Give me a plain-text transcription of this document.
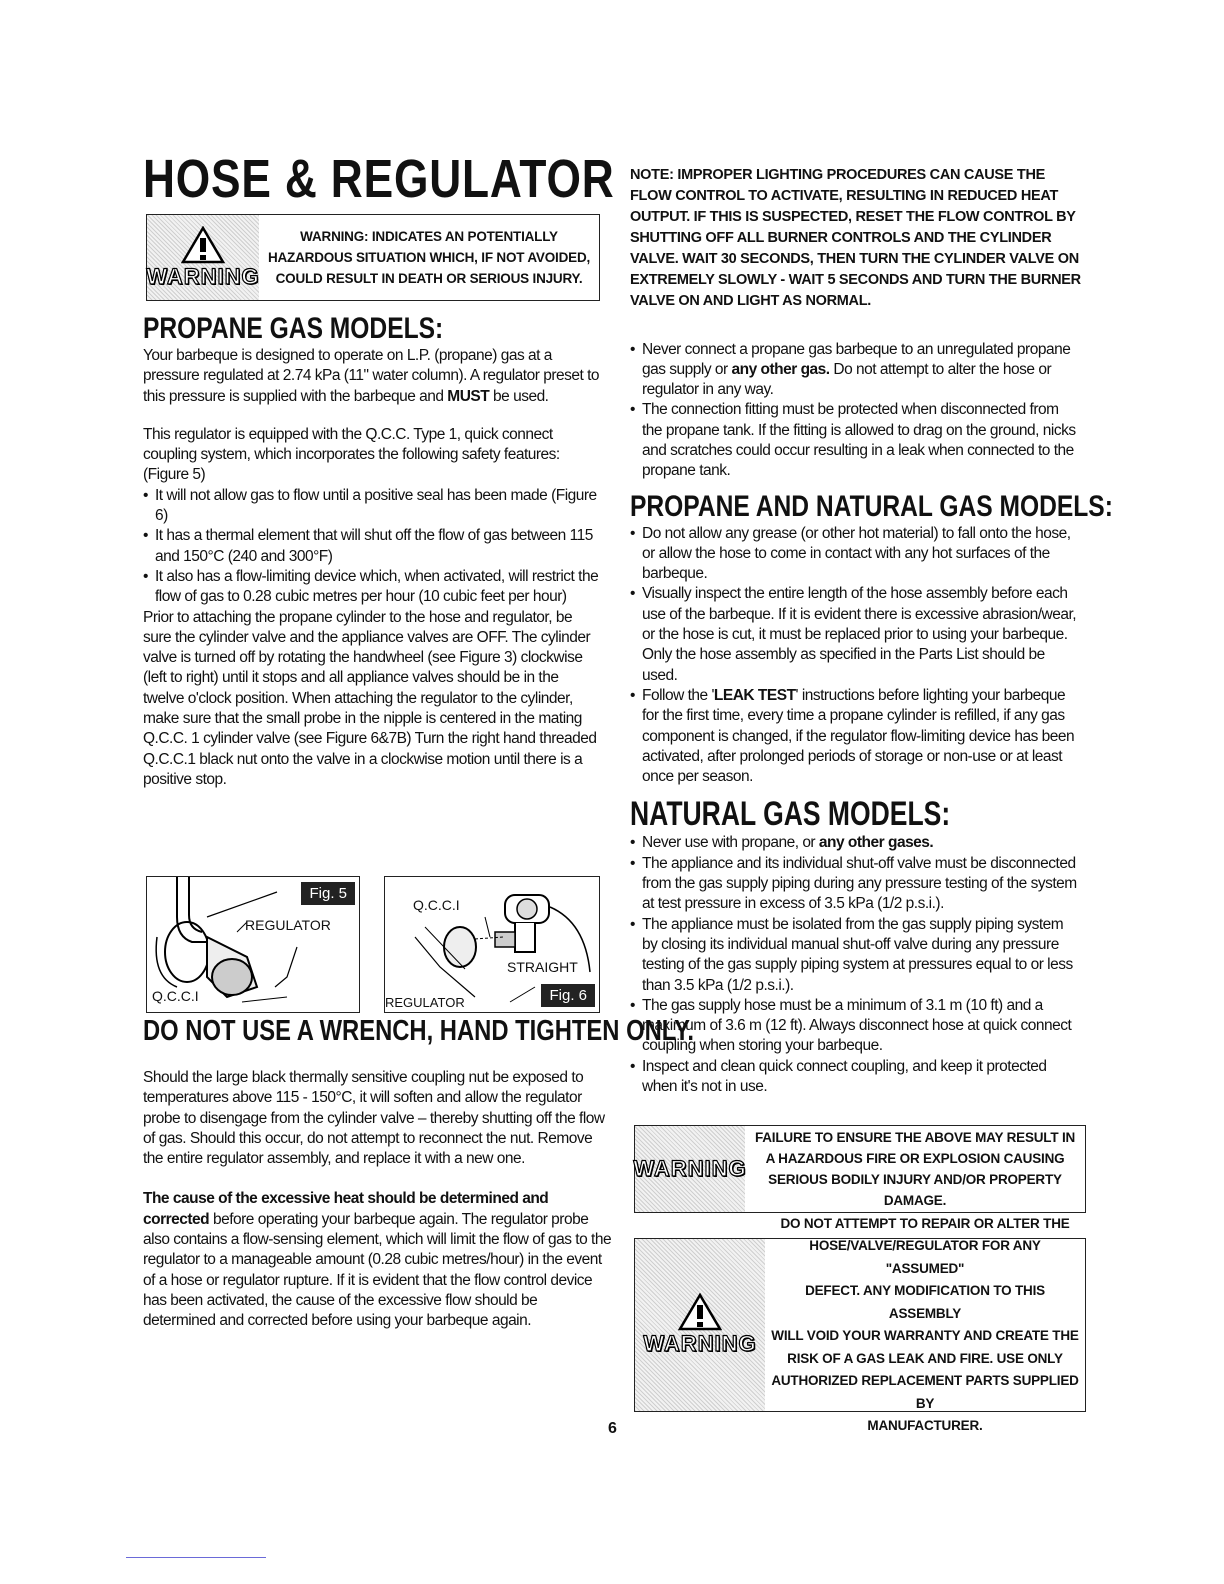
HOSE & REGULATOR
WARNING
WARNING: INDICATES AN POTENTIALLY
HAZARDOUS SITUATION WHICH, IF NOT AVOIDED,
COULD RESULT IN DEATH OR SERIOUS INJURY.
PROPANE GAS MODELS:

Your barbeque is designed to operate on L.P. (propane) gas at a pressure regulated at 2.74 kPa (11" water column). A regulator preset to this pressure is supplied with the barbeque and MUST be used.

This regulator is equipped with the Q.C.C. Type 1, quick connect coupling system, which incorporates the following safety features: (Figure 5)

• It will not allow gas to flow until a positive seal has been made (Figure 6)
• It has a thermal element that will shut off the flow of gas between 115 and 150°C (240 and 300°F)
• It also has a flow-limiting device which, when activated, will restrict the flow of gas to 0.28 cubic metres per hour (10 cubic feet per hour)

Prior to attaching the propane cylinder to the hose and regulator, be sure the cylinder valve and the appliance valves are OFF. The cylinder valve is turned off by rotating the handwheel (see Figure 3) clockwise (left to right) until it stops and all appliance valves should be in the twelve o'clock position. When attaching the regulator to the cylinder, make sure that the small probe in the nipple is centered in the mating Q.C.C. 1 cylinder valve (see Figure 6&7B) Turn the right hand threaded Q.C.C.1 black nut onto the valve in a clockwise motion until there is a positive stop.

Fig. 5
REGULATOR
Q.C.C.I
Q.C.C.I
STRAIGHT
REGULATOR	Fig. 6
DO NOT USE A WRENCH, HAND TIGHTEN ONLY.

Should the large black thermally sensitive coupling nut be exposed to temperatures above 115 - 150°C, it will soften and allow the regulator probe to disengage from the cylinder valve – thereby shutting off the flow of gas. Should this occur, do not attempt to reconnect the nut. Remove the entire regulator assembly, and replace it with a new one.

The cause of the excessive heat should be determined and corrected before operating your barbeque again. The regulator probe also contains a flow-sensing element, which will limit the flow of gas to the regulator to a manageable amount (0.28 cubic metres/hour) in the event of a hose or regulator rupture. If it is evident that the flow control device has been activated, the cause of the excessive flow should be determined and corrected before using your barbeque again.

NOTE: IMPROPER LIGHTING PROCEDURES CAN CAUSE THE FLOW CONTROL TO ACTIVATE, RESULTING IN REDUCED HEAT OUTPUT. IF THIS IS SUSPECTED, RESET THE FLOW CONTROL BY SHUTTING OFF ALL BURNER CONTROLS AND THE CYLINDER VALVE. WAIT 30 SECONDS, THEN TURN THE CYLINDER VALVE ON EXTREMELY SLOWLY - WAIT 5 SECONDS AND TURN THE BURNER VALVE ON AND LIGHT AS NORMAL.

• Never connect a propane gas barbeque to an unregulated propane gas supply or any other gas. Do not attempt to alter the hose or regulator in any way.
• The connection fitting must be protected when disconnected from the propane tank. If the fitting is allowed to drag on the ground, nicks and scratches could occur resulting in a leak when connected to the propane tank.
PROPANE AND NATURAL GAS MODELS:
• Do not allow any grease (or other hot material) to fall onto the hose, or allow the hose to come in contact with any hot surfaces of the barbeque.
• Visually inspect the entire length of the hose assembly before each use of the barbeque. If it is evident there is excessive abrasion/wear, or the hose is cut, it must be replaced prior to using your barbeque. Only the hose assembly as specified in the Parts List should be used.
• Follow the 'LEAK TEST' instructions before lighting your barbeque for the first time, every time a propane cylinder is refilled, if any gas component is changed, if the regulator flow-limiting device has been activated, after prolonged periods of storage or non-use or at least once per season.
NATURAL GAS MODELS:
• Never use with propane, or any other gases.
• The appliance and its individual shut-off valve must be disconnected from the gas supply piping during any pressure testing of the system at test pressure in excess of 3.5 kPa (1/2 p.s.i.).
• The appliance must be isolated from the gas supply piping system by closing its individual manual shut-off valve during any pressure testing of the gas supply piping system at pressures equal to or less than 3.5 kPa (1/2 p.s.i.).
• The gas supply hose must be a minimum of 3.1 m (10 ft) and a maximum of 3.6 m (12 ft). Always disconnect hose at quick connect coupling when storing your barbeque.
• Inspect and clean quick connect coupling, and keep it protected when it's not in use.
WARNING
FAILURE TO ENSURE THE ABOVE MAY RESULT IN
A HAZARDOUS FIRE OR EXPLOSION CAUSING
SERIOUS BODILY INJURY AND/OR PROPERTY
DAMAGE.
WARNING
DO NOT ATTEMPT TO REPAIR OR ALTER THE
HOSE/VALVE/REGULATOR FOR ANY "ASSUMED"
DEFECT. ANY MODIFICATION TO THIS ASSEMBLY
WILL VOID YOUR WARRANTY AND CREATE THE
RISK OF A GAS LEAK AND FIRE. USE ONLY
AUTHORIZED REPLACEMENT PARTS SUPPLIED BY
MANUFACTURER.
6
